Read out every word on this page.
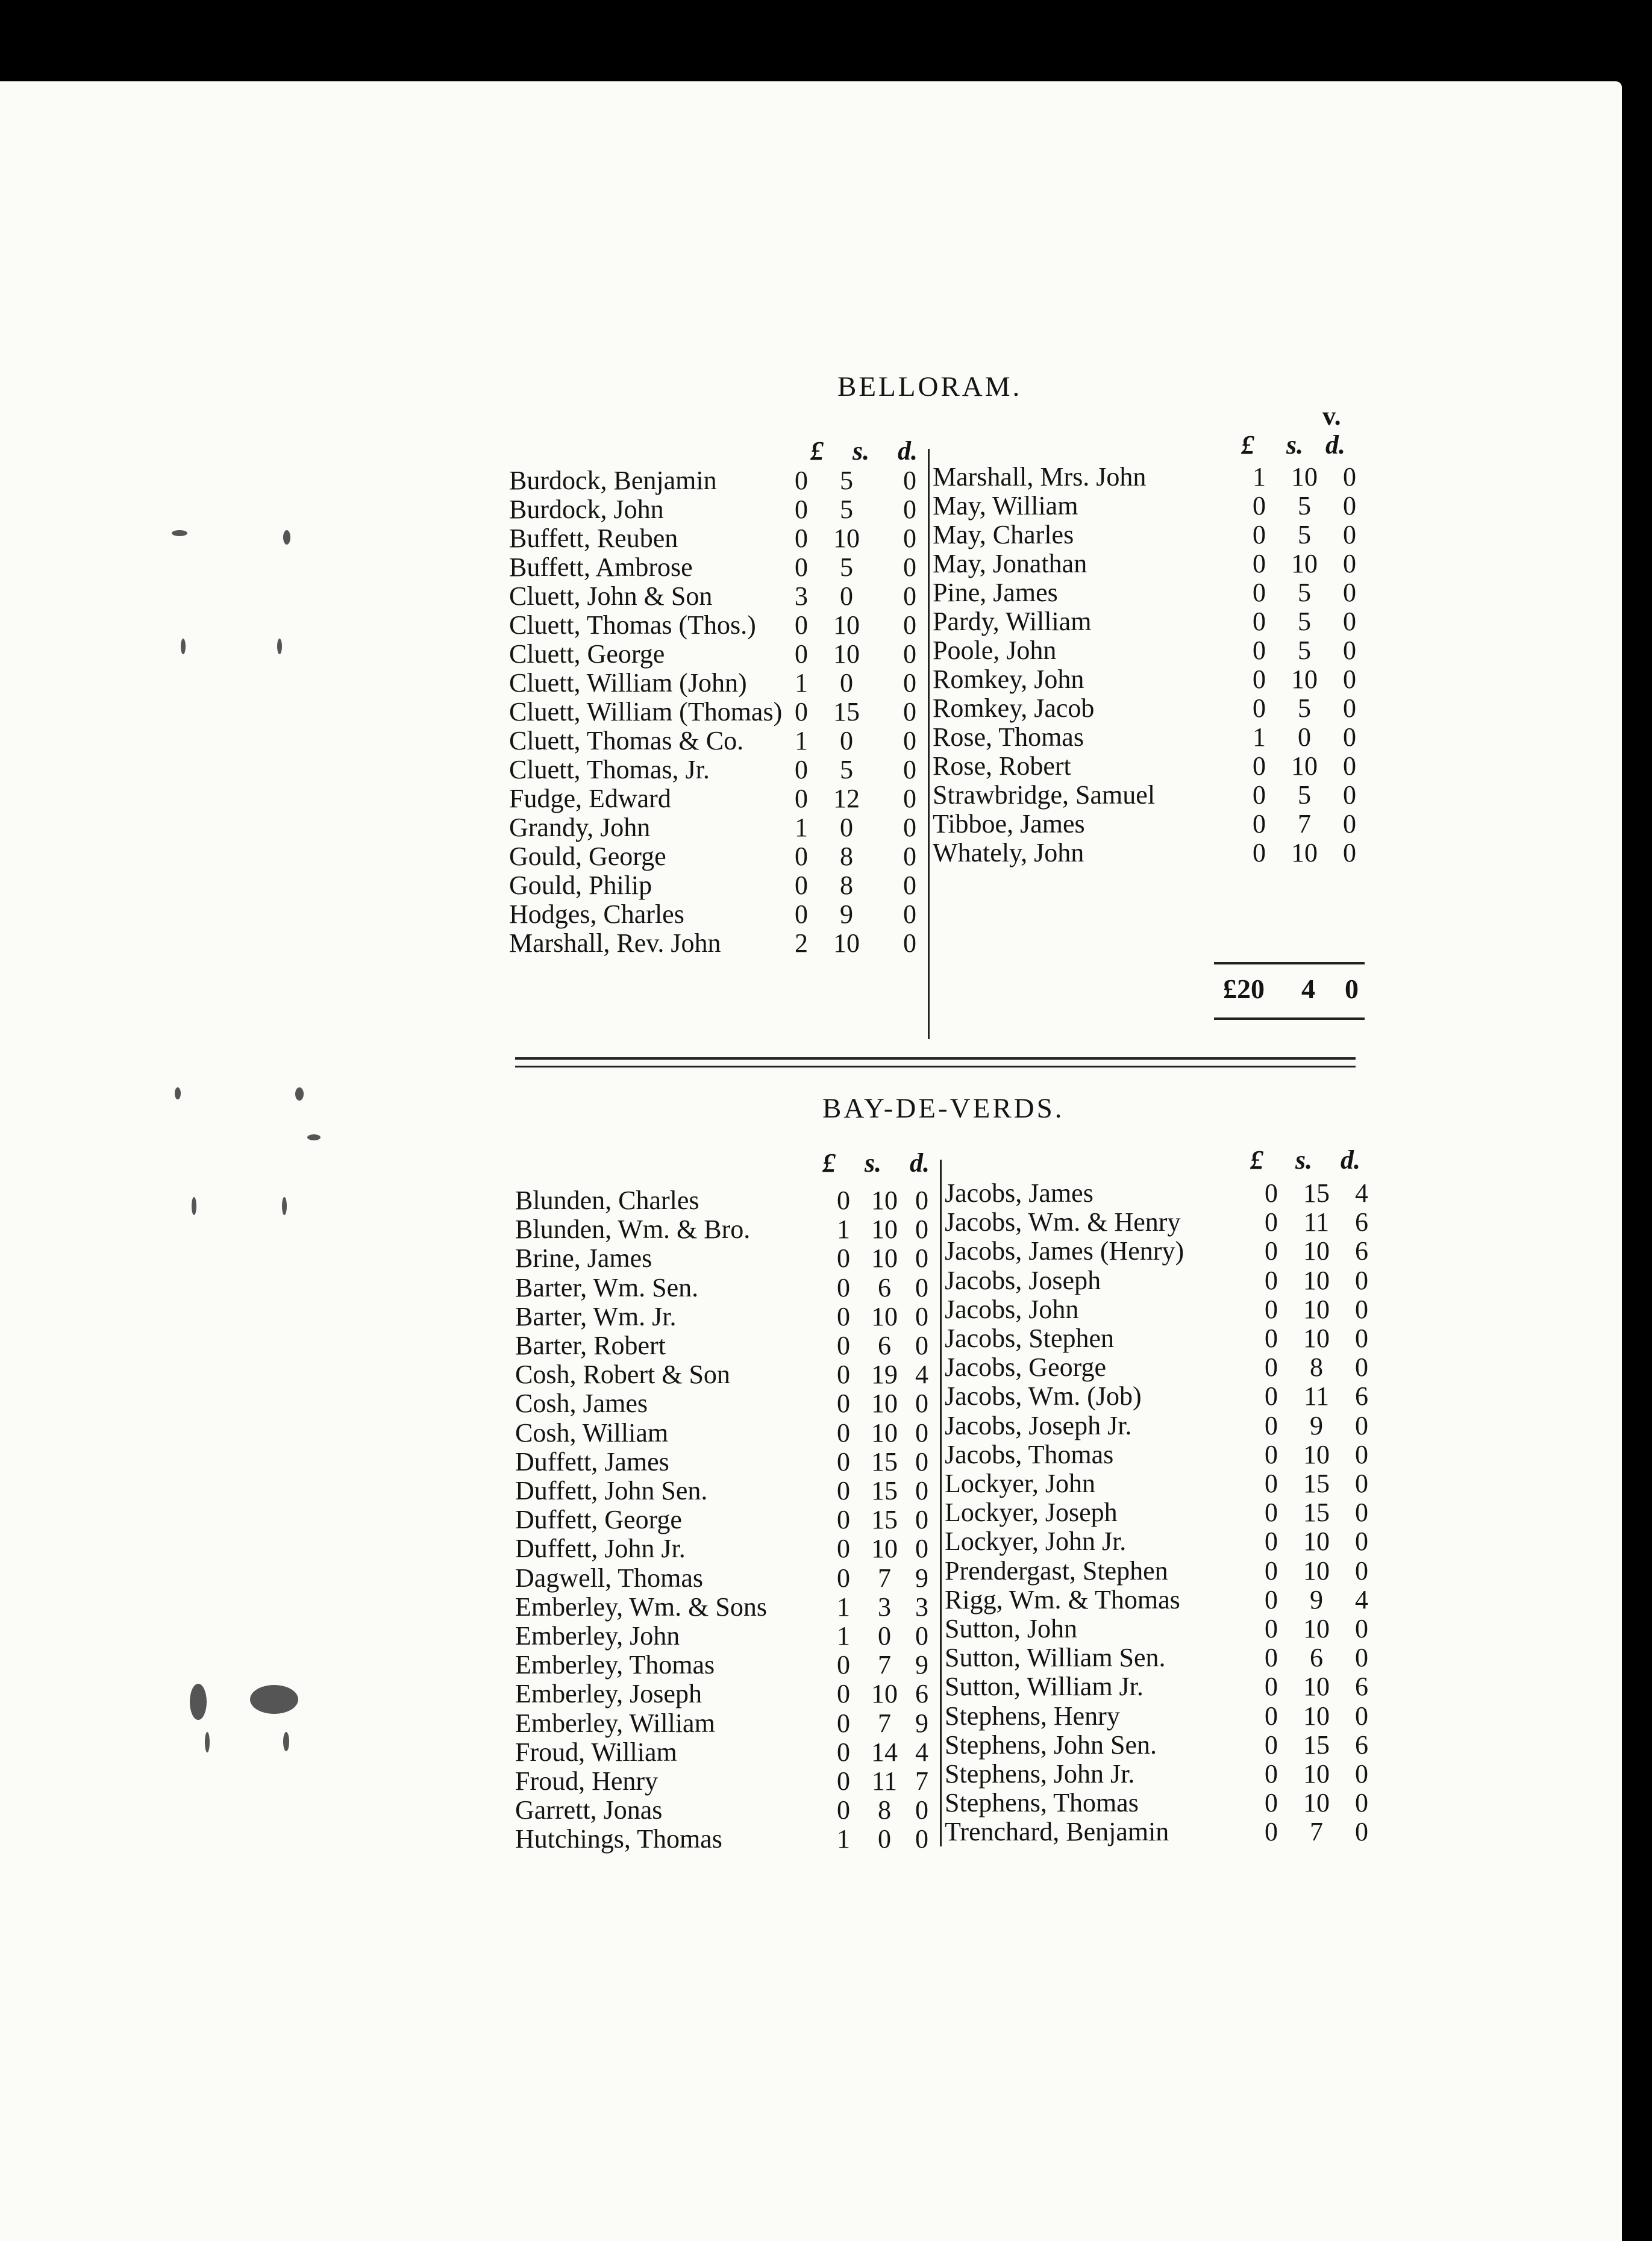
v.
BELLORAM.
£ s. d.	£ s. d.
Burdock, Benjamin	0	5	0
Burdock, John	0	5	0
Buffett, Reuben	0 10	0
Buffett, Ambrose	0	5	0
Cluett, John & Son	3	0	0
Cluett, Thomas (Thos.)	0 10	0
Cluett, George	0 10	0
Cluett, William (John)	1	0	0
Cluett, William (Thomas) 0 15	0
Cluett, Thomas & Co.	1	0	0
Cluett, Thomas, Jr.	0	5	0
Fudge, Edward	0 12	0
Grandy, John	1	0	0
Gould, George	0	8	0
Gould, Philip	0	8	0
Hodges, Charles	0	9	0
Marshall, Rev. John	2 10	0
Marshall, Mrs. John	1 10 0
May, William	0	5	0
May, Charles	0	5	0
May, Jonathan	0 10 0
Pine, James	0	5	0
Pardy, William	0	5	0
Poole, John	0	5	0
Romkey, John	0 10 0
Romkey, Jacob	0	5	0
Rose, Thomas	1	0	0
Rose, Robert	0 10 0
Strawbridge, Samuel	0	5	0
Tibboe, James	0	7	0
Whately, John	0 10 0
£20 4 0
BAY-DE-VERDS.
£ s. d.	£ s. d.
Blunden, Charles	0 10 0
Blunden, Wm. & Bro.	1 10 0
Brine, James	0 10 0
Barter, Wm. Sen.	0	6 0
Barter, Wm. Jr.	0 10 0
Barter, Robert	0	6 0
Cosh, Robert & Son	0 19 4
Cosh, James	0 10 0
Cosh, William	0 10 0
Duffett, James	0 15 0
Duffett, John Sen.	0 15 0
Duffett, George	0 15 0
Duffett, John Jr.	0 10 0
Dagwell, Thomas	0	7 9
Emberley, Wm. & Sons	1	3 3
Emberley, John	1	0 0
Emberley, Thomas	0	7 9
Emberley, Joseph	0 10 6
Emberley, William	0	7 9
Froud, William	0 14 4
Froud, Henry	0 11 7
Garrett, Jonas	0	8 0
Hutchings, Thomas	1	0 0
Jacobs, James	0 15 4
Jacobs, Wm. & Henry	0 11 6
Jacobs, James (Henry)	0 10 6
Jacobs, Joseph	0 10 0
Jacobs, John	0 10 0
Jacobs, Stephen	0 10 0
Jacobs, George	0	8	0
Jacobs, Wm. (Job)	0 11 6
Jacobs, Joseph Jr.	0	9	0
Jacobs, Thomas	0 10 0
Lockyer, John	0 15 0
Lockyer, Joseph	0 15 0
Lockyer, John Jr.	0 10 0
Prendergast, Stephen	0 10 0
Rigg, Wm. & Thomas	0	9	4
Sutton, John	0 10 0
Sutton, William Sen.	0	6	0
Sutton, William Jr.	0 10 6
Stephens, Henry	0 10 0
Stephens, John Sen.	0 15 6
Stephens, John Jr.	0 10 0
Stephens, Thomas	0 10 0
Trenchard, Benjamin	0	7	0
